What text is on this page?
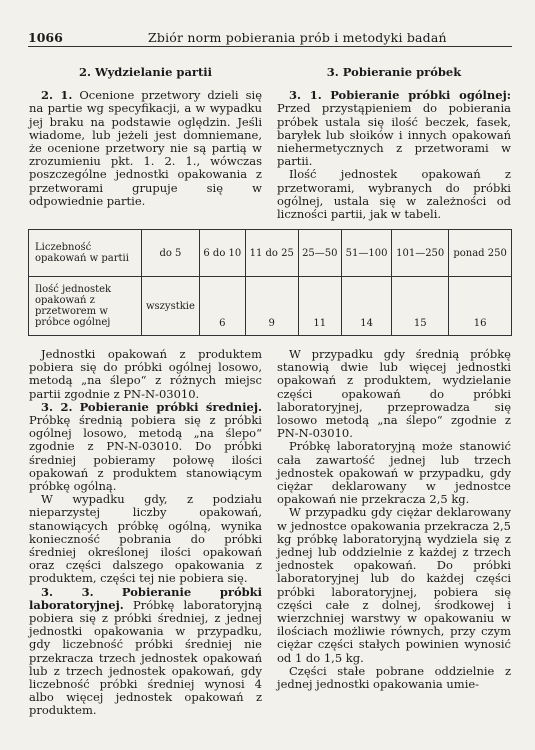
1066	Zbiór norm pobierania prób i metodyki badań
2. Wydzielanie partii

2. 1. Ocenione przetwory dzieli się na partie wg specyfikacji, a w wypadku jej braku na podstawie oględzin. Jeśli wiadome, lub jeżeli jest domniemane, że ocenione przetwory nie są partią w zrozumieniu pkt. 1. 2. 1., wówczas poszczególne jednostki opakowania z przetworami grupuje się w odpowiednie partie.

3. Pobieranie próbek

3. 1. Pobieranie próbki ogólnej: Przed przystąpieniem do pobierania próbek ustala się ilość beczek, fasek, baryłek lub słoików i innych opakowań niehermetycznych z przetworami w partii.

Ilość jednostek opakowań z przetworami, wybranych do próbki ogólnej, ustala się w zależności od liczności partii, jak w tabeli.

Liczebność opakowań w partii	do 5	6 do 10	11 do 25	25—50	51—100	101—250	ponad 250
Ilość jednostek opakowań z przetworem w próbce ogólnej	wszystkie	6	9	11	14	15	16

Jednostki opakowań z produktem pobiera się do próbki ogólnej losowo, metodą „na ślepo“ z różnych miejsc partii zgodnie z PN-N-03010.

3. 2. Pobieranie próbki średniej. Próbkę średnią pobiera się z próbki ogólnej losowo, metodą „na ślepo“ zgodnie z PN-N-03010. Do próbki średniej pobieramy połowę ilości opakowań z produktem stanowiącym próbkę ogólną.

W wypadku gdy, z podziału nieparzystej liczby opakowań, stanowiących próbkę ogólną, wynika konieczność pobrania do próbki średniej określonej ilości opakowań oraz części dalszego opakowania z produktem, części tej nie pobiera się.

3. 3. Pobieranie próbki laboratoryjnej. Próbkę laboratoryjną pobiera się z próbki średniej, z jednej jednostki opakowania w przypadku, gdy liczebność próbki średniej nie przekracza trzech jednostek opakowań lub z trzech jednostek opakowań, gdy liczebność próbki średniej wynosi 4 albo więcej jednostek opakowań z produktem.

W przypadku gdy średnią próbkę stanowią dwie lub więcej jednostki opakowań z produktem, wydzielanie części opakowań do próbki laboratoryjnej, przeprowadza się losowo metodą „na ślepo“ zgodnie z PN-N-03010.

Próbkę laboratoryjną może stanowić cała zawartość jednej lub trzech jednostek opakowań w przypadku, gdy ciężar deklarowany w jednostce opakowań nie przekracza 2,5 kg.

W przypadku gdy ciężar deklarowany w jednostce opakowania przekracza 2,5 kg próbkę laboratoryjną wydziela się z jednej lub oddzielnie z każdej z trzech jednostek opakowań. Do próbki laboratoryjnej lub do każdej części próbki laboratoryjnej, pobiera się części całe z dolnej, środkowej i wierzchniej warstwy w opakowaniu w ilościach możliwie równych, przy czym ciężar części stałych powinien wynosić od 1 do 1,5 kg.

Części stałe pobrane oddzielnie z jednej jednostki opakowania umie-
